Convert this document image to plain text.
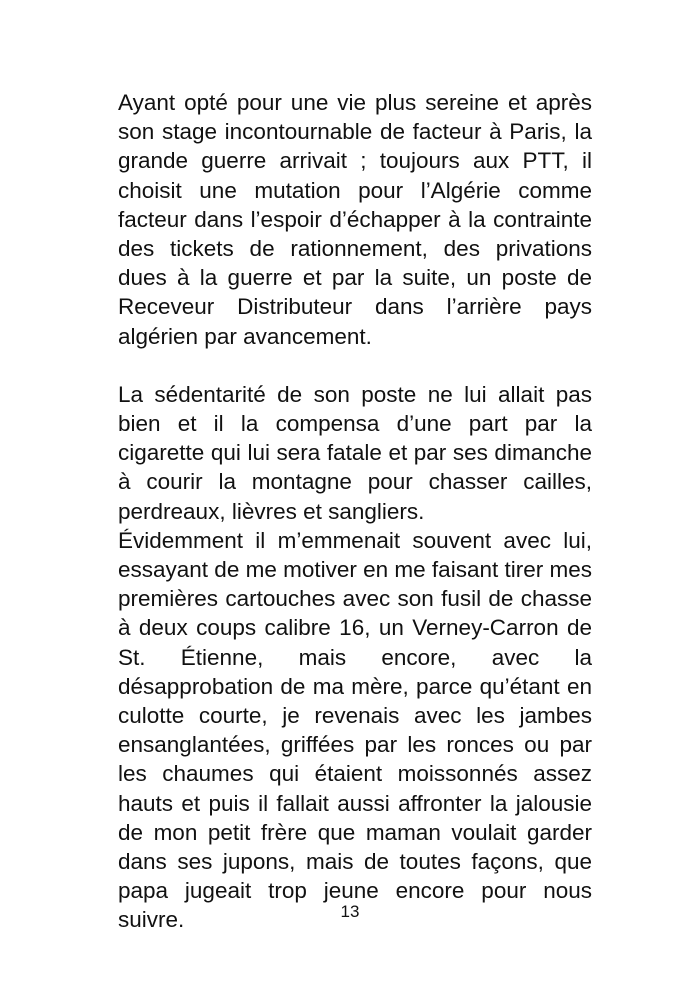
Ayant opté pour une vie plus sereine et après son stage incontournable de facteur à Paris, la grande guerre arrivait ; toujours aux PTT, il choisit une mutation pour l’Algérie comme facteur dans l’espoir d’échapper à la contrainte des tickets de rationnement, des privations dues à la guerre et par la suite, un poste de Receveur Distributeur dans l’arrière pays algérien par avancement.

La sédentarité de son poste ne lui allait pas bien et il la compensa d’une part par la cigarette qui lui sera fatale et par ses dimanche à courir la montagne pour chasser cailles, perdreaux, lièvres et sangliers.

Évidemment il m’emmenait souvent avec lui, essayant de me motiver en me faisant tirer mes premières cartouches avec son fusil de chasse à deux coups calibre 16, un Verney-Carron de St. Étienne, mais encore, avec la désapprobation de ma mère, parce qu’étant en culotte courte, je revenais avec les jambes ensanglantées, griffées par les ronces ou par les chaumes qui étaient moissonnés assez hauts et puis il fallait aussi affronter la jalousie de mon petit frère que maman voulait garder dans ses jupons, mais de toutes façons, que papa jugeait trop jeune encore pour nous suivre.	13
